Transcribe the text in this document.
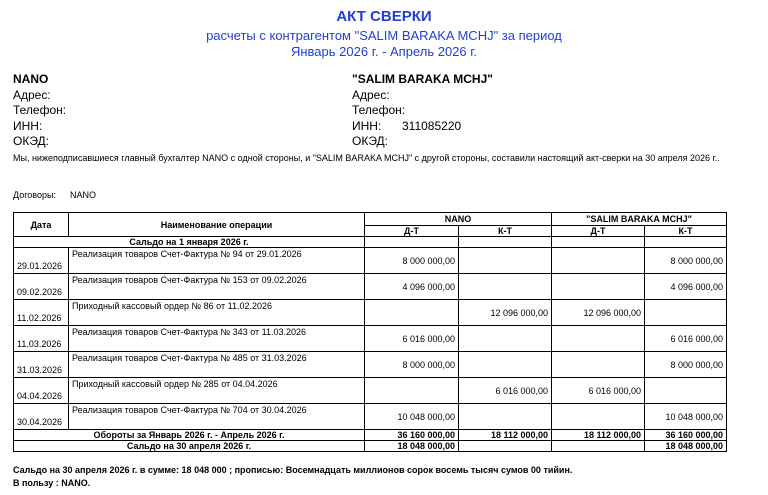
АКТ СВЕРКИ
расчеты с контрагентом "SALIM BARAKA MCHJ" за период
Январь 2026 г. - Апрель 2026 г.
NANO
Адрес:
Телефон:
ИНН:
ОКЭД:
"SALIM BARAKA MCHJ"
Адрес:
Телефон:
ИНН:	311085220
ОКЭД:
Мы, нижеподписавшиеся главный бухгалтер NANO с одной стороны, и "SALIM BARAKA MCHJ" с другой стороны, составили настоящий акт-сверки на 30 апреля 2026 г..
Договоры: NANO
Дата	Наименование операции	NANO		"SALIM BARAKA MCHJ"	
		Д-Т	К-Т	Д-Т	К-Т
Сальдо на 1 января 2026 г.					
29.01.2026	Реализация товаров Счет-Фактура № 94 от 29.01.2026	8 000 000,00			8 000 000,00
09.02.2026	Реализация товаров Счет-Фактура № 153 от 09.02.2026	4 096 000,00			4 096 000,00
11.02.2026	Приходный кассовый ордер № 86 от 11.02.2026		12 096 000,00	12 096 000,00	
11.03.2026	Реализация товаров Счет-Фактура № 343 от 11.03.2026	6 016 000,00			6 016 000,00
31.03.2026	Реализация товаров Счет-Фактура № 485 от 31.03.2026	8 000 000,00			8 000 000,00
04.04.2026	Приходный кассовый ордер № 285 от 04.04.2026		6 016 000,00	6 016 000,00	
30.04.2026	Реализация товаров Счет-Фактура № 704 от 30.04.2026	10 048 000,00			10 048 000,00
Обороты за Январь 2026 г. - Апрель 2026 г.		36 160 000,00	18 112 000,00	18 112 000,00	36 160 000,00
Сальдо на 30 апреля 2026 г.		18 048 000,00			18 048 000,00
Сальдо на 30 апреля 2026 г. в сумме: 18 048 000 ; прописью: Восемнадцать миллионов сорок восемь тысяч сумов 00 тийин.
В пользу : NANO.
